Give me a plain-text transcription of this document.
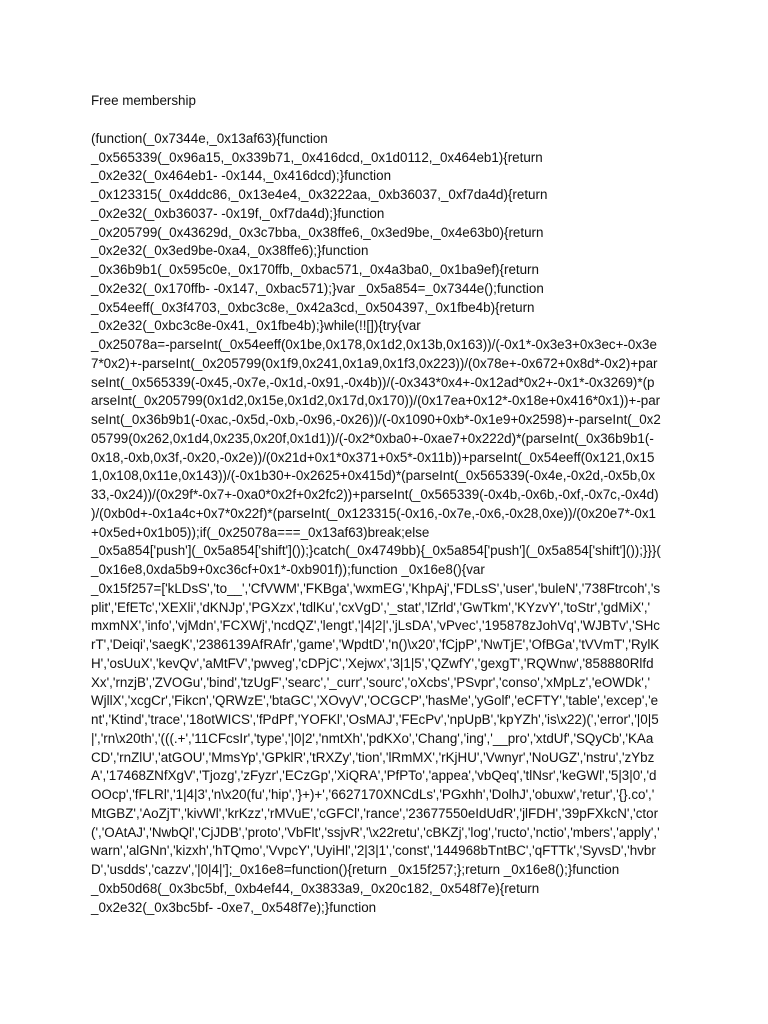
Free membership

(function(_0x7344e,_0x13af63){function
_0x565339(_0x96a15,_0x339b71,_0x416dcd,_0x1d0112,_0x464eb1){return
_0x2e32(_0x464eb1- -0x144,_0x416dcd);}function
_0x123315(_0x4ddc86,_0x13e4e4,_0x3222aa,_0xb36037,_0xf7da4d){return
_0x2e32(_0xb36037- -0x19f,_0xf7da4d);}function
_0x205799(_0x43629d,_0x3c7bba,_0x38ffe6,_0x3ed9be,_0x4e63b0){return
_0x2e32(_0x3ed9be-0xa4,_0x38ffe6);}function
_0x36b9b1(_0x595c0e,_0x170ffb,_0xbac571,_0x4a3ba0,_0x1ba9ef){return
_0x2e32(_0x170ffb- -0x147,_0xbac571);}var _0x5a854=_0x7344e();function
_0x54eeff(_0x3f4703,_0xbc3c8e,_0x42a3cd,_0x504397,_0x1fbe4b){return
_0x2e32(_0xbc3c8e-0x41,_0x1fbe4b);}while(!![]){try{var
_0x25078a=-parseInt(_0x54eeff(0x1be,0x178,0x1d2,0x13b,0x163))/(-0x1*-0x3e3+0x3ec+-0x3e
7*0x2)+-parseInt(_0x205799(0x1f9,0x241,0x1a9,0x1f3,0x223))/(0x78e+-0x672+0x8d*-0x2)+par
seInt(_0x565339(-0x45,-0x7e,-0x1d,-0x91,-0x4b))/(-0x343*0x4+-0x12ad*0x2+-0x1*-0x3269)*(p
arseInt(_0x205799(0x1d2,0x15e,0x1d2,0x17d,0x170))/(0x17ea+0x12*-0x18e+0x416*0x1))+-par
seInt(_0x36b9b1(-0xac,-0x5d,-0xb,-0x96,-0x26))/(-0x1090+0xb*-0x1e9+0x2598)+-parseInt(_0x2
05799(0x262,0x1d4,0x235,0x20f,0x1d1))/(-0x2*0xba0+-0xae7+0x222d)*(parseInt(_0x36b9b1(-
0x18,-0xb,0x3f,-0x20,-0x2e))/(0x21d+0x1*0x371+0x5*-0x11b))+parseInt(_0x54eeff(0x121,0x15
1,0x108,0x11e,0x143))/(-0x1b30+-0x2625+0x415d)*(parseInt(_0x565339(-0x4e,-0x2d,-0x5b,0x
33,-0x24))/(0x29f*-0x7+-0xa0*0x2f+0x2fc2))+parseInt(_0x565339(-0x4b,-0x6b,-0xf,-0x7c,-0x4d)
)/(0xb0d+-0x1a4c+0x7*0x22f)*(parseInt(_0x123315(-0x16,-0x7e,-0x6,-0x28,0xe))/(0x20e7*-0x1
+0x5ed+0x1b05));if(_0x25078a===_0x13af63)break;else
_0x5a854['push'](_0x5a854['shift']());}catch(_0x4749bb){_0x5a854['push'](_0x5a854['shift']());}}}(
_0x16e8,0xda5b9+0xc36cf+0x1*-0xb901f));function _0x16e8(){var
_0x15f257=['kLDsS','to__','CfVWM','FKBga','wxmEG','KhpAj','FDLsS','user','buleN','738Ftrcoh','s
plit','EfETc','XEXli','dKNJp','PGXzx','tdlKu','cxVgD','_stat','lZrld','GwTkm','KYzvY','toStr','gdMiX','
mxmNX','info','vjMdn','FCXWj','ncdQZ','lengt','|4|2|','jLsDA','vPvec','195878zJohVq','WJBTv','SHc
rT','Deiqi','saegK','2386139AfRAfr','game','WpdtD','n()\x20','fCjpP','NwTjE','OfBGa','tVVmT','RylK
H','osUuX','kevQv','aMtFV','pwveg','cDPjC','Xejwx','3|1|5','QZwfY','gexgT','RQWnw','858880Rlfd
Xx','rnzjB','ZVOGu','bind','tzUgF','searc','_curr','sourc','oXcbs','PSvpr','conso','xMpLz','eOWDk','
WjllX','xcgCr','Fikcn','QRWzE','btaGC','XOvyV','OCGCP','hasMe','yGolf','eCFTY','table','excep','e
nt','Ktind','trace','18otWICS','fPdPf','YOFKl','OsMAJ','FEcPv','npUpB','kpYZh','is\x22)(','error','|0|5
|','rn\x20th','(((.+','11CFcsIr','type','|0|2','nmtXh','pdKXo','Chang','ing','__pro','xtdUf','SQyCb','KAa
CD','rnZlU','atGOU','MmsYp','GPklR','tRXZy','tion','lRmMX','rKjHU','Vwnyr','NoUGZ','nstru','zYbz
A','17468ZNfXgV','Tjozg','zFyzr','ECzGp','XiQRA','PfPTo','appea','vbQeq','tlNsr','keGWl','5|3|0','d
OOcp','fFLRl','1|4|3','n\x20(fu','hip','}+)+','6627170XNCdLs','PGxhh','DolhJ','obuxw','retur','{}.co','
MtGBZ','AoZjT','kivWl','krKzz','rMVuE','cGFCl','rance','23677550eIdUdR','jlFDH','39pFXkcN','ctor
(','OAtAJ','NwbQl','CjJDB','proto','VbFlt','ssjvR','\x22retu','cBKZj','log','ructo','nctio','mbers','apply','
warn','alGNn','kizxh','hTQmo','VvpcY','UyiHl','2|3|1','const','144968bTntBC','qFTTk','SyvsD','hvbr
D','usdds','cazzv','|0|4|'];_0x16e8=function(){return _0x15f257;};return _0x16e8();}function
_0xb50d68(_0x3bc5bf,_0xb4ef44,_0x3833a9,_0x20c182,_0x548f7e){return
_0x2e32(_0x3bc5bf- -0xe7,_0x548f7e);}function
